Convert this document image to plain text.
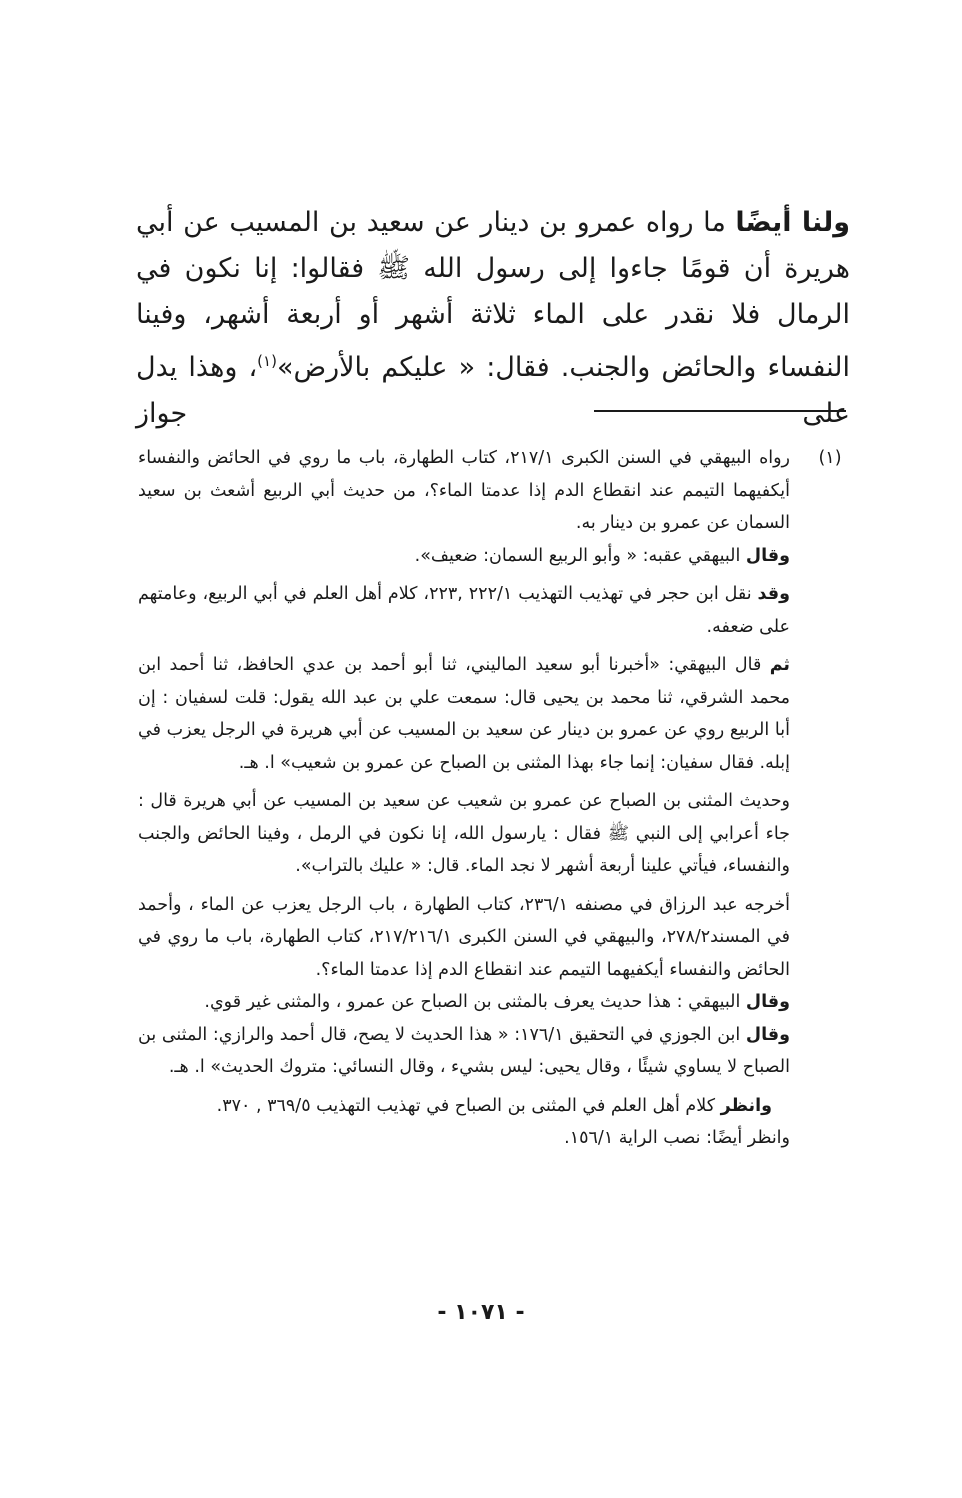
ولنا أيضًا ما رواه عمرو بن دينار عن سعيد بن المسيب عن أبي هريرة أن قومًا جاءوا إلى رسول الله ﷺ فقالوا: إنا نكون في الرمال فلا نقدر على الماء ثلاثة أشهر أو أربعة أشهر، وفينا النفساء والحائض والجنب. فقال: « عليكم بالأرض»$^{(١)}$، وهذا يدل على جواز

(١)

رواه البيهقي في السنن الكبرى ٢١٧/١، كتاب الطهارة، باب ما روي في الحائض والنفساء أيكفيهما التيمم عند انقطاع الدم إذا عدمتا الماء؟، من حديث أبي الربيع أشعث بن سعيد السمان عن عمرو بن دينار به.

وقال البيهقي عقبه: « وأبو الربيع السمان: ضعيف».

وقد نقل ابن حجر في تهذيب التهذيب ٢٢٢/١ ,٢٢٣، كلام أهل العلم في أبي الربيع، وعامتهم على ضعفه.

ثم قال البيهقي: «أخبرنا أبو سعيد الماليني، ثنا أبو أحمد بن عدي الحافظ، ثنا أحمد ابن محمد الشرقي، ثنا محمد بن يحيى قال: سمعت علي بن عبد الله يقول: قلت لسفيان : إن أبا الربيع روي عن عمرو بن دينار عن سعيد بن المسيب عن أبي هريرة في الرجل يعزب في إبله. فقال سفيان: إنما جاء بهذا المثنى بن الصباح عن عمرو بن شعيب» ا. هـ.

وحديث المثنى بن الصباح عن عمرو بن شعيب عن سعيد بن المسيب عن أبي هريرة قال : جاء أعرابي إلى النبي ﷺ فقال : يارسول الله، إنا نكون في الرمل ، وفينا الحائض والجنب والنفساء، فيأتي علينا أربعة أشهر لا نجد الماء. قال: « عليك بالتراب».

أخرجه عبد الرزاق في مصنفه ٢٣٦/١، كتاب الطهارة ، باب الرجل يعزب عن الماء ، وأحمد في المسند٢٧٨/٢، والبيهقي في السنن الكبرى ٢١٧/٢١٦/١، كتاب الطهارة، باب ما روي في الحائض والنفساء أيكفيهما التيمم عند انقطاع الدم إذا عدمتا الماء؟.

وقال البيهقي : هذا حديث يعرف بالمثنى بن الصباح عن عمرو ، والمثنى غير قوي.

وقال ابن الجوزي في التحقيق ١٧٦/١: « هذا الحديث لا يصح، قال أحمد والرازي: المثنى بن الصباح لا يساوي شيئًا ، وقال يحيى: ليس بشيء ، وقال النسائي: متروك الحديث» ا. هـ.

وانظر كلام أهل العلم في المثنى بن الصباح في تهذيب التهذيب ٣٦٩/٥ , ٣٧٠.

وانظر أيضًا: نصب الراية ١٥٦/١.

- ١٠٧١ -
